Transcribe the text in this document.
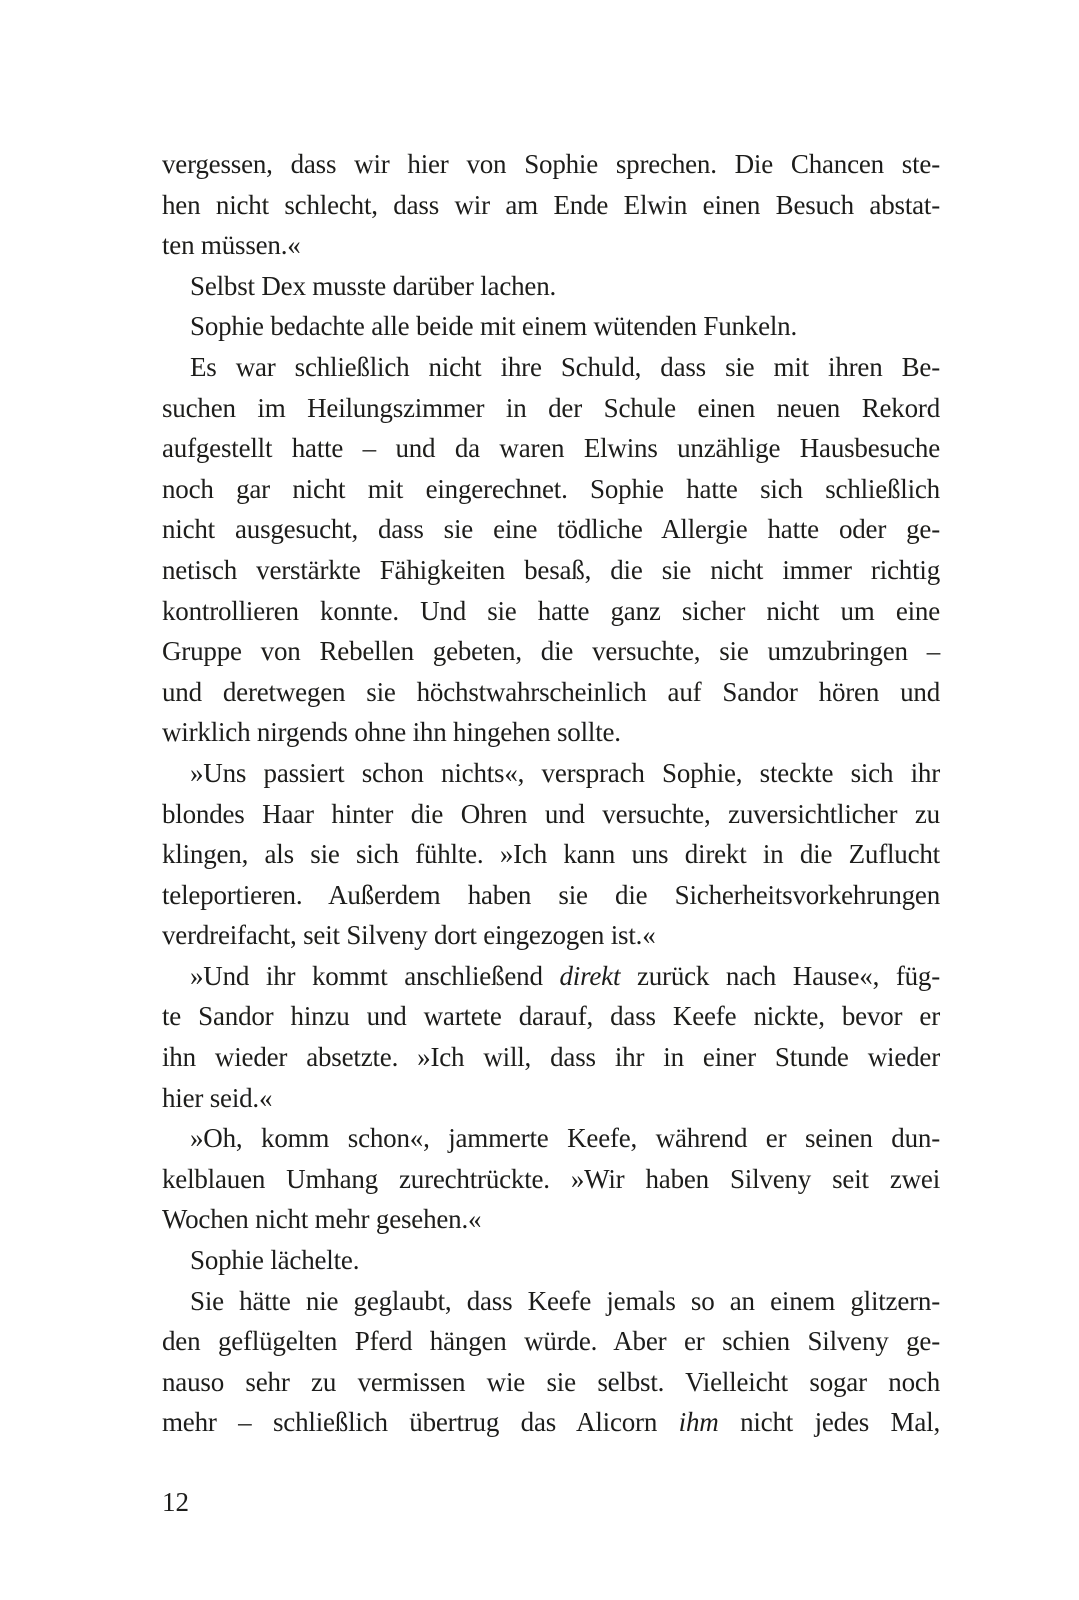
vergessen, dass wir hier von Sophie sprechen. Die Chancen ste-
hen nicht schlecht, dass wir am Ende Elwin einen Besuch abstat-
ten müssen.«
Selbst Dex musste darüber lachen.
Sophie bedachte alle beide mit einem wütenden Funkeln.
Es war schließlich nicht ihre Schuld, dass sie mit ihren Be-
suchen im Heilungszimmer in der Schule einen neuen Rekord
aufgestellt hatte – und da waren Elwins unzählige Hausbesuche
noch gar nicht mit eingerechnet. Sophie hatte sich schließlich
nicht ausgesucht, dass sie eine tödliche Allergie hatte oder ge-
netisch verstärkte Fähigkeiten besaß, die sie nicht immer richtig
kontrollieren konnte. Und sie hatte ganz sicher nicht um eine
Gruppe von Rebellen gebeten, die versuchte, sie umzubringen –
und deretwegen sie höchstwahrscheinlich auf Sandor hören und
wirklich nirgends ohne ihn hingehen sollte.
»Uns passiert schon nichts«, versprach Sophie, steckte sich ihr
blondes Haar hinter die Ohren und versuchte, zuversichtlicher zu
klingen, als sie sich fühlte. »Ich kann uns direkt in die Zuflucht
teleportieren. Außerdem haben sie die Sicherheitsvorkehrungen
verdreifacht, seit Silveny dort eingezogen ist.«
»Und ihr kommt anschließend direkt zurück nach Hause«, füg-
te Sandor hinzu und wartete darauf, dass Keefe nickte, bevor er
ihn wieder absetzte. »Ich will, dass ihr in einer Stunde wieder
hier seid.«
»Oh, komm schon«, jammerte Keefe, während er seinen dun-
kelblauen Umhang zurechtrückte. »Wir haben Silveny seit zwei
Wochen nicht mehr gesehen.«
Sophie lächelte.
Sie hätte nie geglaubt, dass Keefe jemals so an einem glitzern-
den geflügelten Pferd hängen würde. Aber er schien Silveny ge-
nauso sehr zu vermissen wie sie selbst. Vielleicht sogar noch
mehr – schließlich übertrug das Alicorn ihm nicht jedes Mal,
12
